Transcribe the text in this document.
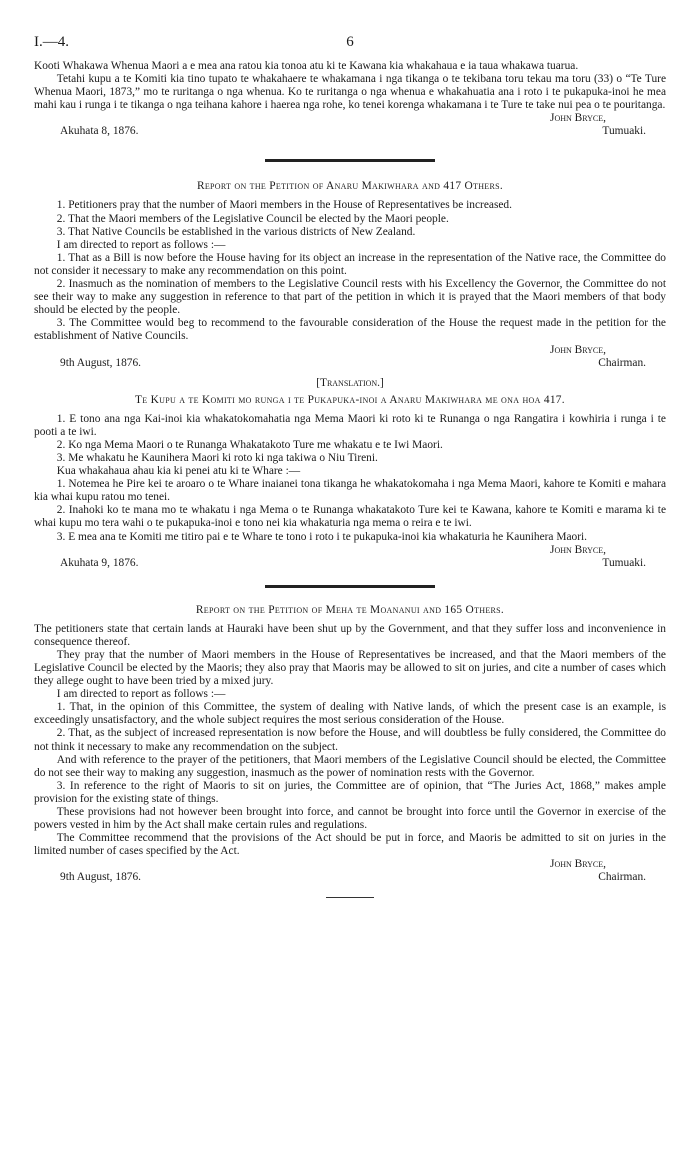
I.—4.	6

Kooti Whakawa Whenua Maori a e mea ana ratou kia tonoa atu ki te Kawana kia whakahaua e ia taua whakawa tuarua.

Tetahi kupu a te Komiti kia tino tupato te whakahaere te whakamana i nga tikanga o te tekibana toru tekau ma toru (33) o “Te Ture Whenua Maori, 1873,” mo te ruritanga o nga whenua. Ko te ruritanga o nga whenua e whakahuatia ana i roto i te pukapuka-inoi he mea mahi kau i runga i te tikanga o nga teihana kahore i haerea nga rohe, ko tenei korenga whakamana i te Ture te take nui pea o te pouritanga.

John Bryce,
Akuhata 8, 1876.	Tumuaki.
Report on the Petition of Anaru Makiwhara and 417 Others.

1. Petitioners pray that the number of Maori members in the House of Representatives be increased.

2. That the Maori members of the Legislative Council be elected by the Maori people.

3. That Native Councils be established in the various districts of New Zealand.

I am directed to report as follows :—

1. That as a Bill is now before the House having for its object an increase in the representation of the Native race, the Committee do not consider it necessary to make any recommendation on this point.

2. Inasmuch as the nomination of members to the Legislative Council rests with his Excellency the Governor, the Committee do not see their way to make any suggestion in reference to that part of the petition in which it is prayed that the Maori members of that body should be elected by the people.

3. The Committee would beg to recommend to the favourable consideration of the House the request made in the petition for the establishment of Native Councils.

John Bryce,
9th August, 1876.	Chairman.
[Translation.]
Te Kupu a te Komiti mo runga i te Pukapuka-inoi a Anaru Makiwhara me ona hoa 417.

1. E tono ana nga Kai-inoi kia whakatokomahatia nga Mema Maori ki roto ki te Runanga o nga Rangatira i kowhiria i runga i te pooti a te iwi.

2. Ko nga Mema Maori o te Runanga Whakatakoto Ture me whakatu e te Iwi Maori.

3. Me whakatu he Kaunihera Maori ki roto ki nga takiwa o Niu Tireni.

Kua whakahaua ahau kia ki penei atu ki te Whare :—

1. Notemea he Pire kei te aroaro o te Whare inaianei tona tikanga he whakatokomaha i nga Mema Maori, kahore te Komiti e mahara kia whai kupu ratou mo tenei.

2. Inahoki ko te mana mo te whakatu i nga Mema o te Runanga whakatakoto Ture kei te Kawana, kahore te Komiti e marama ki te whai kupu mo tera wahi o te pukapuka-inoi e tono nei kia whakaturia nga mema o reira e te iwi.

3. E mea ana te Komiti me titiro pai e te Whare te tono i roto i te pukapuka-inoi kia whakaturia he Kaunihera Maori.

John Bryce,
Akuhata 9, 1876.	Tumuaki.
Report on the Petition of Meha te Moananui and 165 Others.

The petitioners state that certain lands at Hauraki have been shut up by the Government, and that they suffer loss and inconvenience in consequence thereof.

They pray that the number of Maori members in the House of Representatives be increased, and that the Maori members of the Legislative Council be elected by the Maoris; they also pray that Maoris may be allowed to sit on juries, and cite a number of cases which they allege ought to have been tried by a mixed jury.

I am directed to report as follows :—

1. That, in the opinion of this Committee, the system of dealing with Native lands, of which the present case is an example, is exceedingly unsatisfactory, and the whole subject requires the most serious consideration of the House.

2. That, as the subject of increased representation is now before the House, and will doubtless be fully considered, the Committee do not think it necessary to make any recommendation on the subject.

And with reference to the prayer of the petitioners, that Maori members of the Legislative Council should be elected, the Committee do not see their way to making any suggestion, inasmuch as the power of nomination rests with the Governor.

3. In reference to the right of Maoris to sit on juries, the Committee are of opinion, that “The Juries Act, 1868,” makes ample provision for the existing state of things.

These provisions had not however been brought into force, and cannot be brought into force until the Governor in exercise of the powers vested in him by the Act shall make certain rules and regulations.

The Committee recommend that the provisions of the Act should be put in force, and Maoris be admitted to sit on juries in the limited number of cases specified by the Act.

John Bryce,
9th August, 1876.	Chairman.
